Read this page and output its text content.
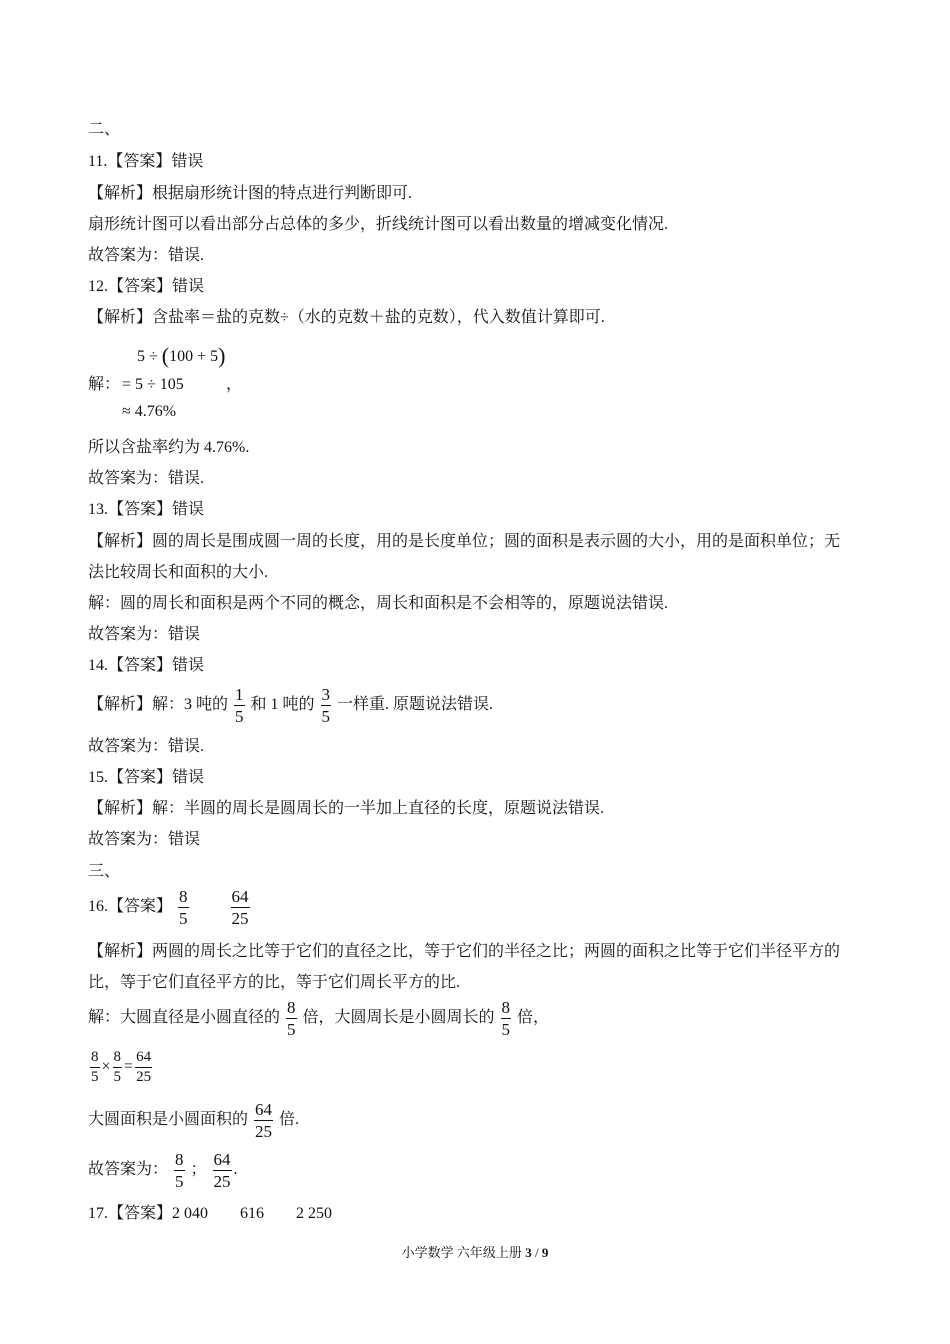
二、
11.【答案】错误
【解析】根据扇形统计图的特点进行判断即可.
扇形统计图可以看出部分占总体的多少，折线统计图可以看出数量的增减变化情况.
故答案为：错误.
12.【答案】错误
【解析】含盐率＝盐的克数÷（水的克数＋盐的克数），代入数值计算即可.
5 ÷ (100 + 5)
解： = 5 ÷ 105	，
≈ 4.76%
所以含盐率约为 4.76%.
故答案为：错误.
13.【答案】错误
【解析】圆的周长是围成圆一周的长度，用的是长度单位；圆的面积是表示圆的大小，用的是面积单位；无
法比较周长和面积的大小.
解：圆的周长和面积是两个不同的概念，周长和面积是不会相等的，原题说法错误.
故答案为：错误
14.【答案】错误
【解析】解：3 吨的 $\frac{1}{5}$ 和 1 吨的 $\frac{3}{5}$ 一样重. 原题说法错误.
故答案为：错误.
15.【答案】错误
【解析】解：半圆的周长是圆周长的一半加上直径的长度，原题说法错误.
故答案为：错误
三、
16.【答案】 $\frac{8}{5}$
$\frac{64}{25}$
【解析】两圆的周长之比等于它们的直径之比，等于它们的半径之比；两圆的面积之比等于它们半径平方的
比，等于它们直径平方的比，等于它们周长平方的比.
解：大圆直径是小圆直径的 $\frac{8}{5}$ 倍，大圆周长是小圆周长的 $\frac{8}{5}$ 倍，
$\frac{8}{5} \times \frac{8}{5} = \frac{64}{25}$
大圆面积是小圆面积的 $\frac{64}{25}$ 倍.
故答案为： $\frac{8}{5}$ ； $\frac{64}{25}$ .
17.【答案】2 040 616 2 250
小学数学 六年级上册 3 / 9
